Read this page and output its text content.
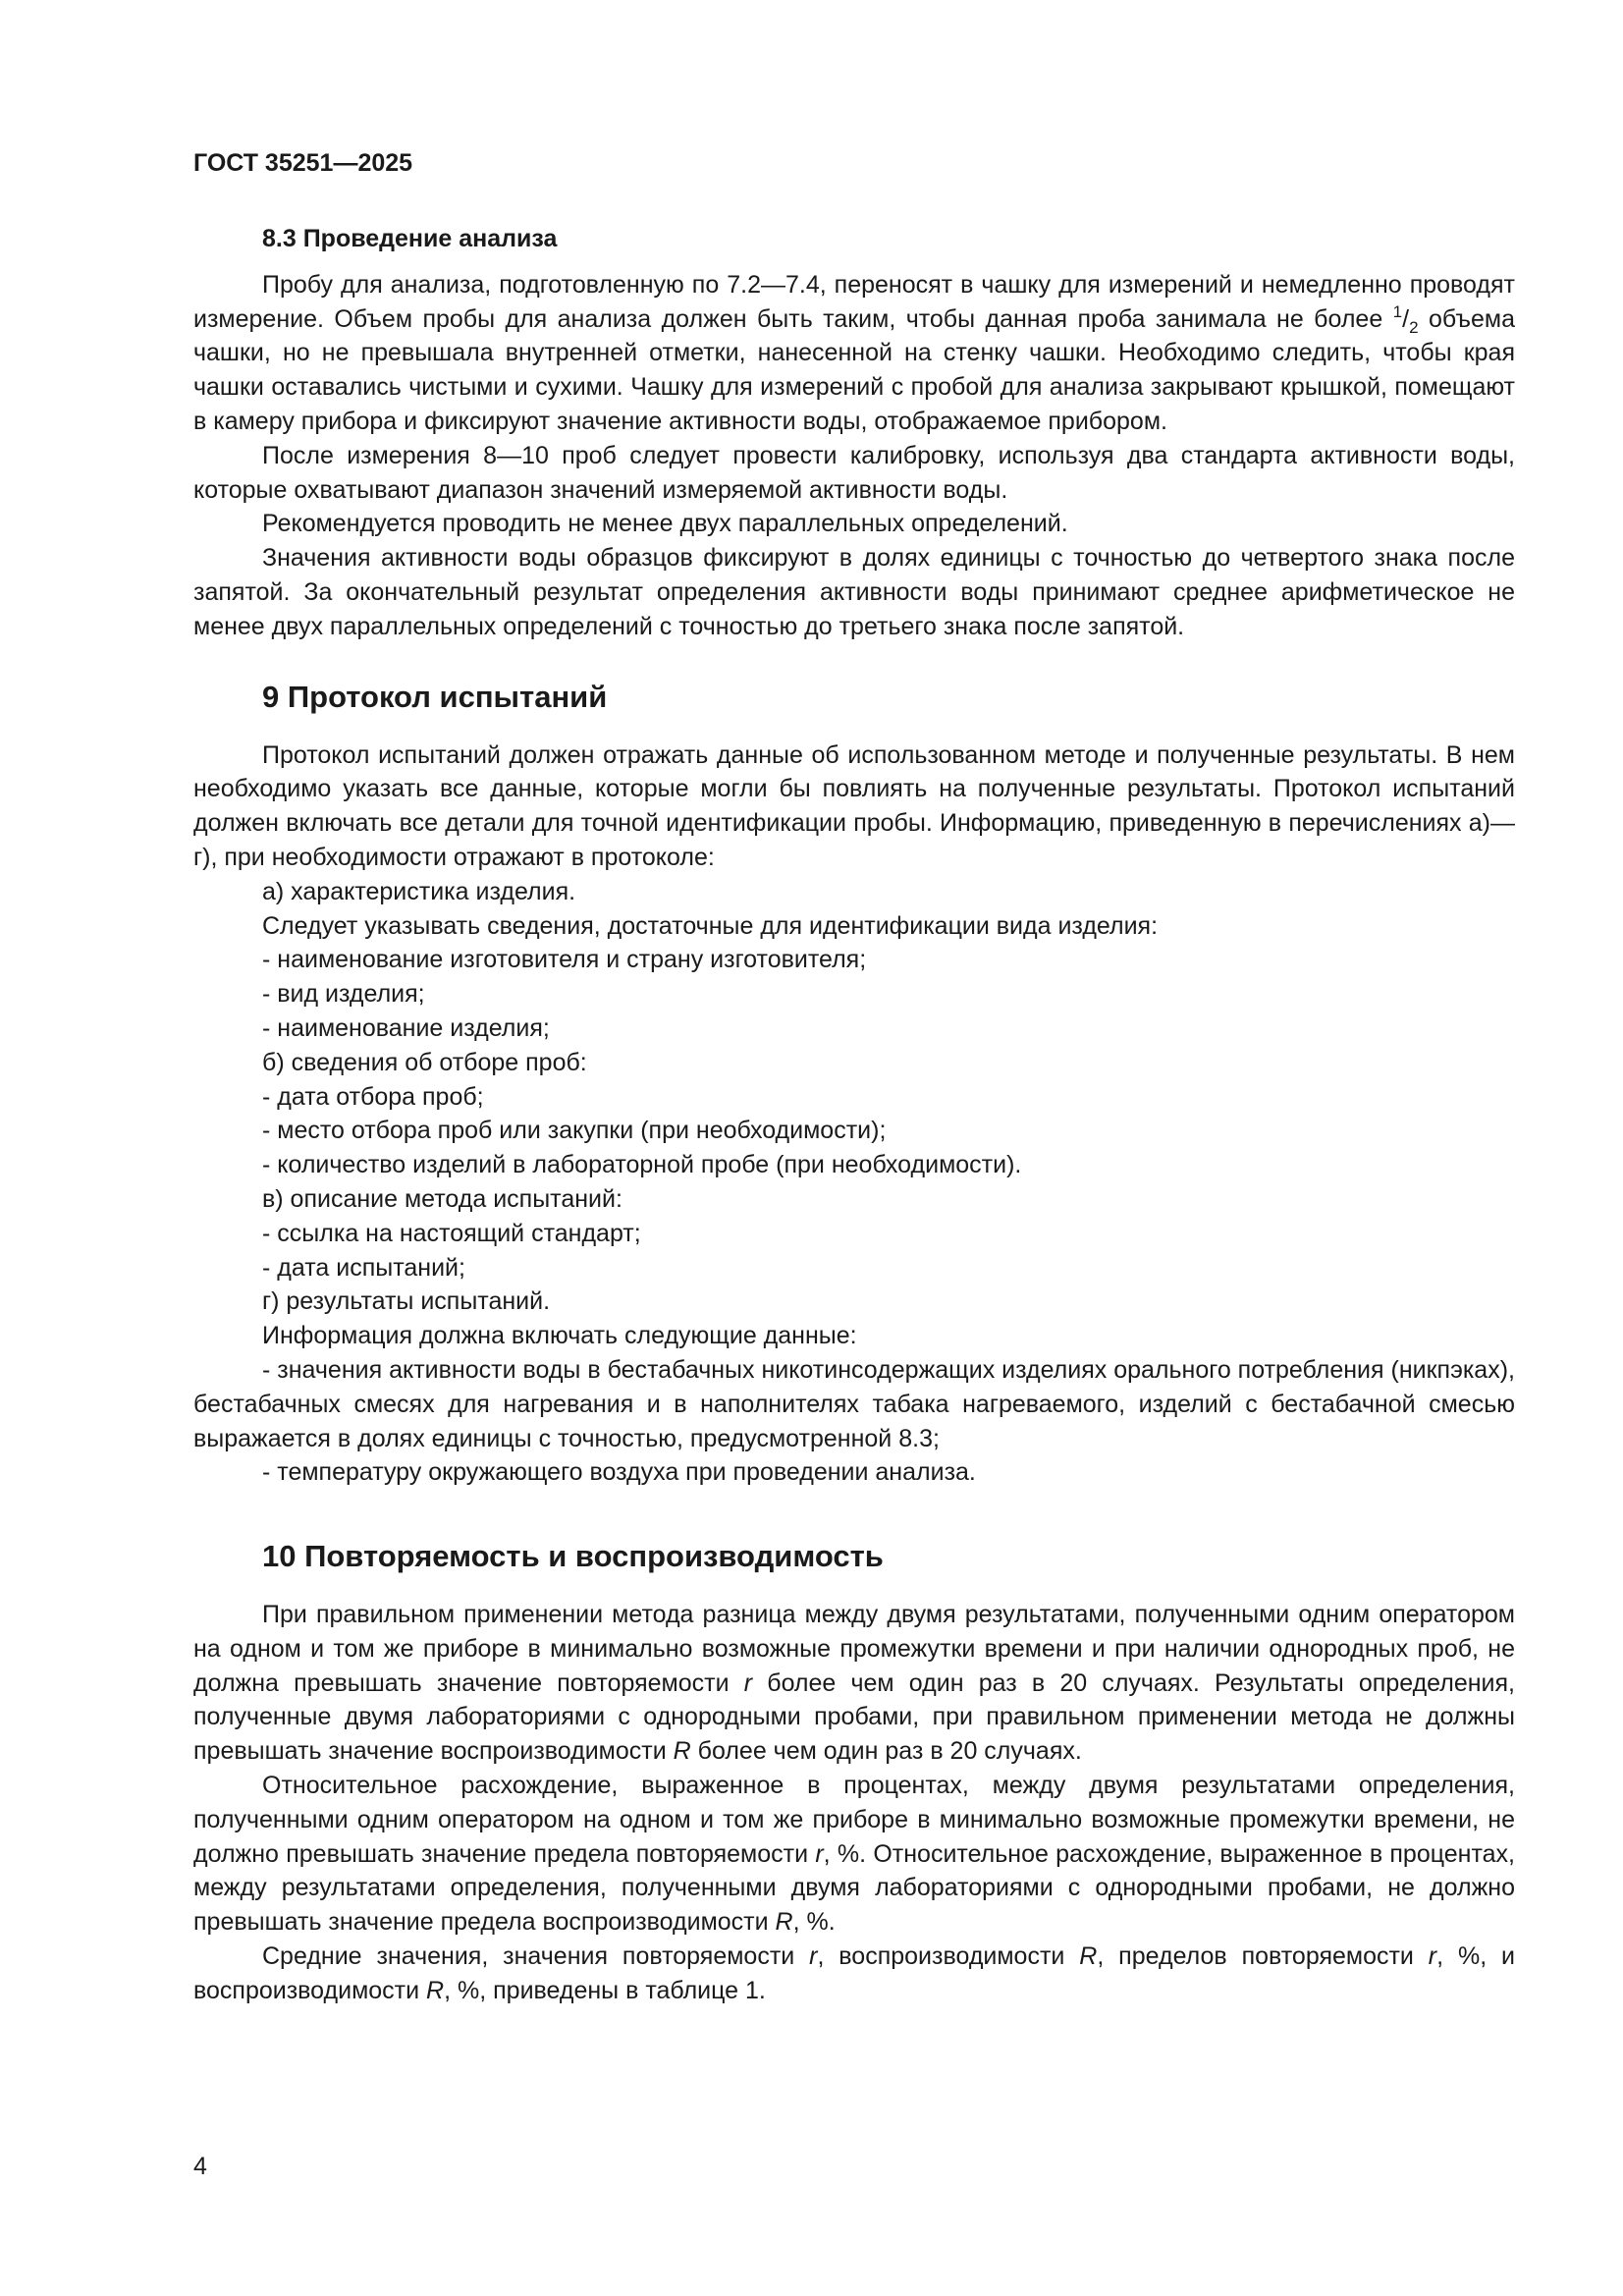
ГОСТ 35251—2025

8.3 Проведение анализа

Пробу для анализа, подготовленную по 7.2—7.4, переносят в чашку для измерений и немедленно проводят измерение. Объем пробы для анализа должен быть таким, чтобы данная проба занимала не более $^1/_2$ объема чашки, но не превышала внутренней отметки, нанесенной на стенку чашки. Необходимо следить, чтобы края чашки оставались чистыми и сухими. Чашку для измерений с пробой для анализа закрывают крышкой, помещают в камеру прибора и фиксируют значение активности воды, отображаемое прибором.

После измерения 8—10 проб следует провести калибровку, используя два стандарта активности воды, которые охватывают диапазон значений измеряемой активности воды.

Рекомендуется проводить не менее двух параллельных определений.

Значения активности воды образцов фиксируют в долях единицы с точностью до четвертого знака после запятой. За окончательный результат определения активности воды принимают среднее арифметическое не менее двух параллельных определений с точностью до третьего знака после запятой.

9 Протокол испытаний

Протокол испытаний должен отражать данные об использованном методе и полученные результаты. В нем необходимо указать все данные, которые могли бы повлиять на полученные результаты. Протокол испытаний должен включать все детали для точной идентификации пробы. Информацию, приведенную в перечислениях а)—г), при необходимости отражают в протоколе:

а) характеристика изделия.

Следует указывать сведения, достаточные для идентификации вида изделия:

- наименование изготовителя и страну изготовителя;

- вид изделия;

- наименование изделия;

б) сведения об отборе проб:

- дата отбора проб;

- место отбора проб или закупки (при необходимости);

- количество изделий в лабораторной пробе (при необходимости).

в) описание метода испытаний:

- ссылка на настоящий стандарт;

- дата испытаний;

г) результаты испытаний.

Информация должна включать следующие данные:

- значения активности воды в бестабачных никотинсодержащих изделиях орального потребления (никпэках), бестабачных смесях для нагревания и в наполнителях табака нагреваемого, изделий с бестабачной смесью выражается в долях единицы с точностью, предусмотренной 8.3;

- температуру окружающего воздуха при проведении анализа.

10 Повторяемость и воспроизводимость

При правильном применении метода разница между двумя результатами, полученными одним оператором на одном и том же приборе в минимально возможные промежутки времени и при наличии однородных проб, не должна превышать значение повторяемости r более чем один раз в 20 случаях. Результаты определения, полученные двумя лабораториями с однородными пробами, при правильном применении метода не должны превышать значение воспроизводимости R более чем один раз в 20 случаях.

Относительное расхождение, выраженное в процентах, между двумя результатами определения, полученными одним оператором на одном и том же приборе в минимально возможные промежутки времени, не должно превышать значение предела повторяемости r, %. Относительное расхождение, выраженное в процентах, между результатами определения, полученными двумя лабораториями с однородными пробами, не должно превышать значение предела воспроизводимости R, %.

Средние значения, значения повторяемости r, воспроизводимости R, пределов повторяемости r, %, и воспроизводимости R, %, приведены в таблице 1.

4
